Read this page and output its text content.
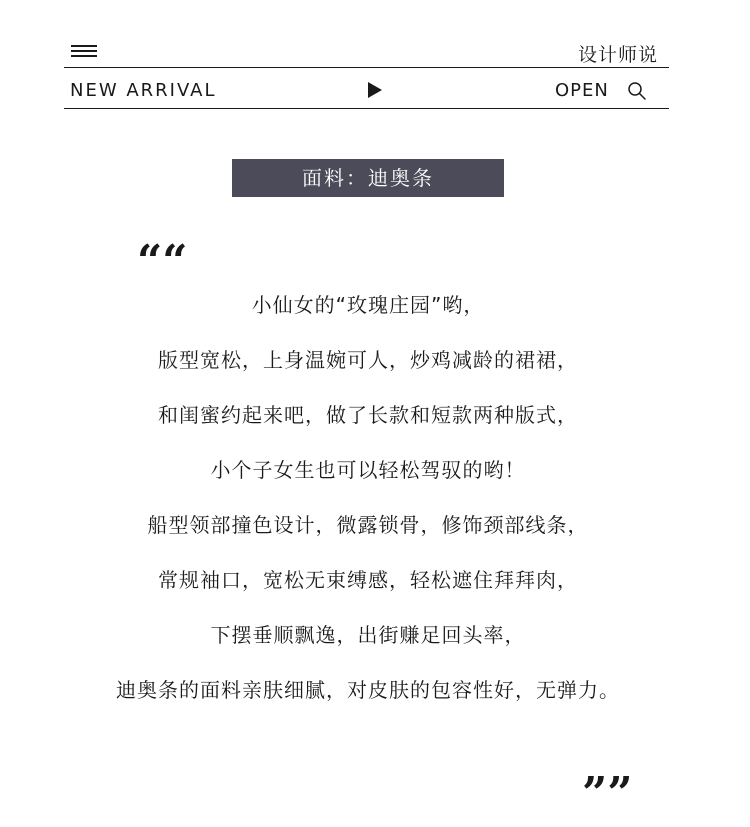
设计师说
NEW ARRIVAL	OPEN
面料：迪奥条
““
小仙女的“玫瑰庄园”哟，
版型宽松，上身温婉可人，炒鸡减龄的裙裙，
和闺蜜约起来吧，做了长款和短款两种版式，
小个子女生也可以轻松驾驭的哟！
船型领部撞色设计，微露锁骨，修饰颈部线条，
常规袖口，宽松无束缚感，轻松遮住拜拜肉，
下摆垂顺飘逸，出街赚足回头率，
迪奥条的面料亲肤细腻，对皮肤的包容性好，无弹力。
””
